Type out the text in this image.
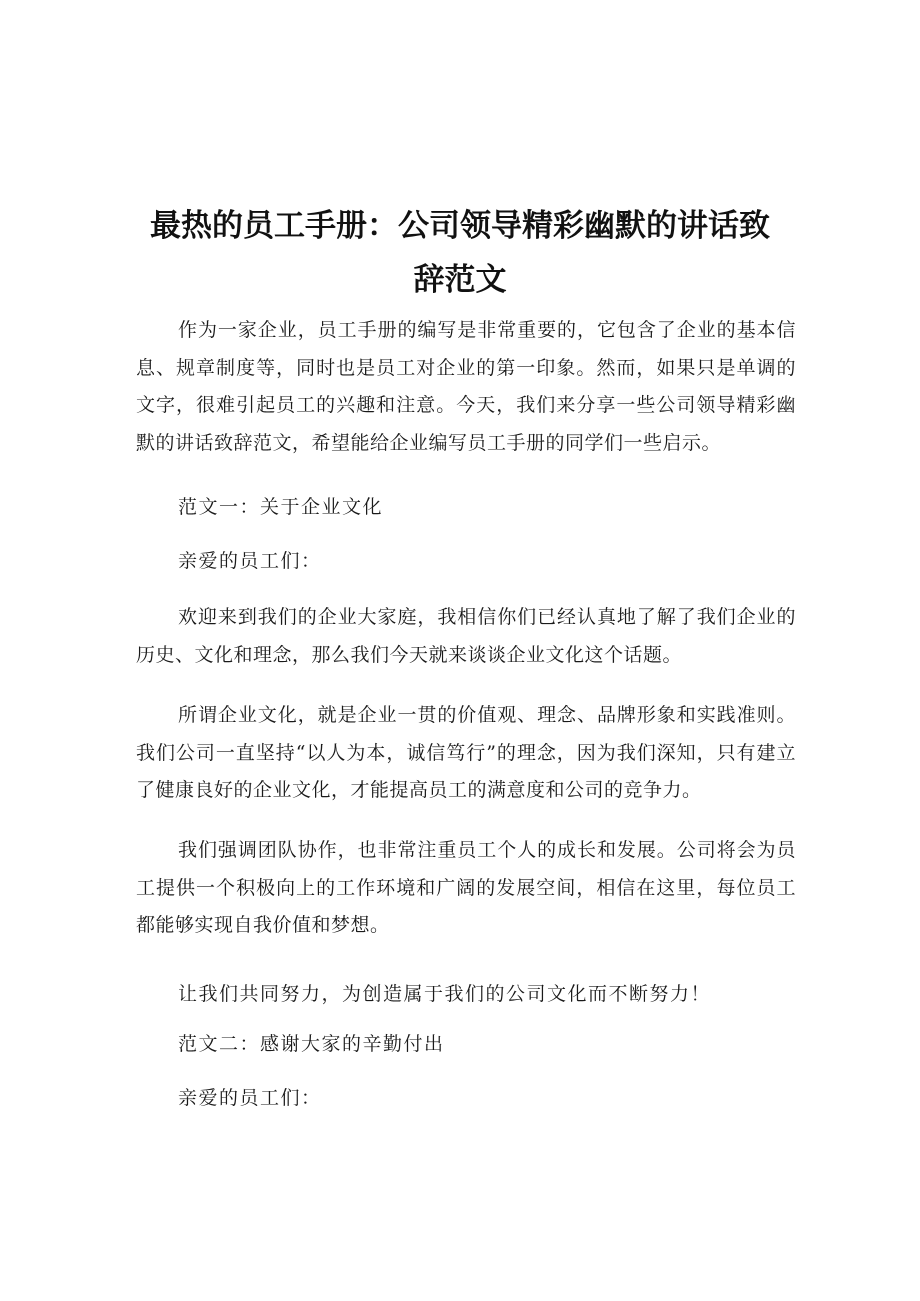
最热的员工手册：公司领导精彩幽默的讲话致
辞范文

作为一家企业，员工手册的编写是非常重要的，它包含了企业的基本信息、规章制度等，同时也是员工对企业的第一印象。然而，如果只是单调的文字，很难引起员工的兴趣和注意。今天，我们来分享一些公司领导精彩幽默的讲话致辞范文，希望能给企业编写员工手册的同学们一些启示。

范文一：关于企业文化

亲爱的员工们：

欢迎来到我们的企业大家庭，我相信你们已经认真地了解了我们企业的历史、文化和理念，那么我们今天就来谈谈企业文化这个话题。

所谓企业文化，就是企业一贯的价值观、理念、品牌形象和实践准则。我们公司一直坚持“以人为本，诚信笃行”的理念，因为我们深知，只有建立了健康良好的企业文化，才能提高员工的满意度和公司的竞争力。

我们强调团队协作，也非常注重员工个人的成长和发展。公司将会为员工提供一个积极向上的工作环境和广阔的发展空间，相信在这里，每位员工都能够实现自我价值和梦想。

让我们共同努力，为创造属于我们的公司文化而不断努力！

范文二：感谢大家的辛勤付出

亲爱的员工们：
